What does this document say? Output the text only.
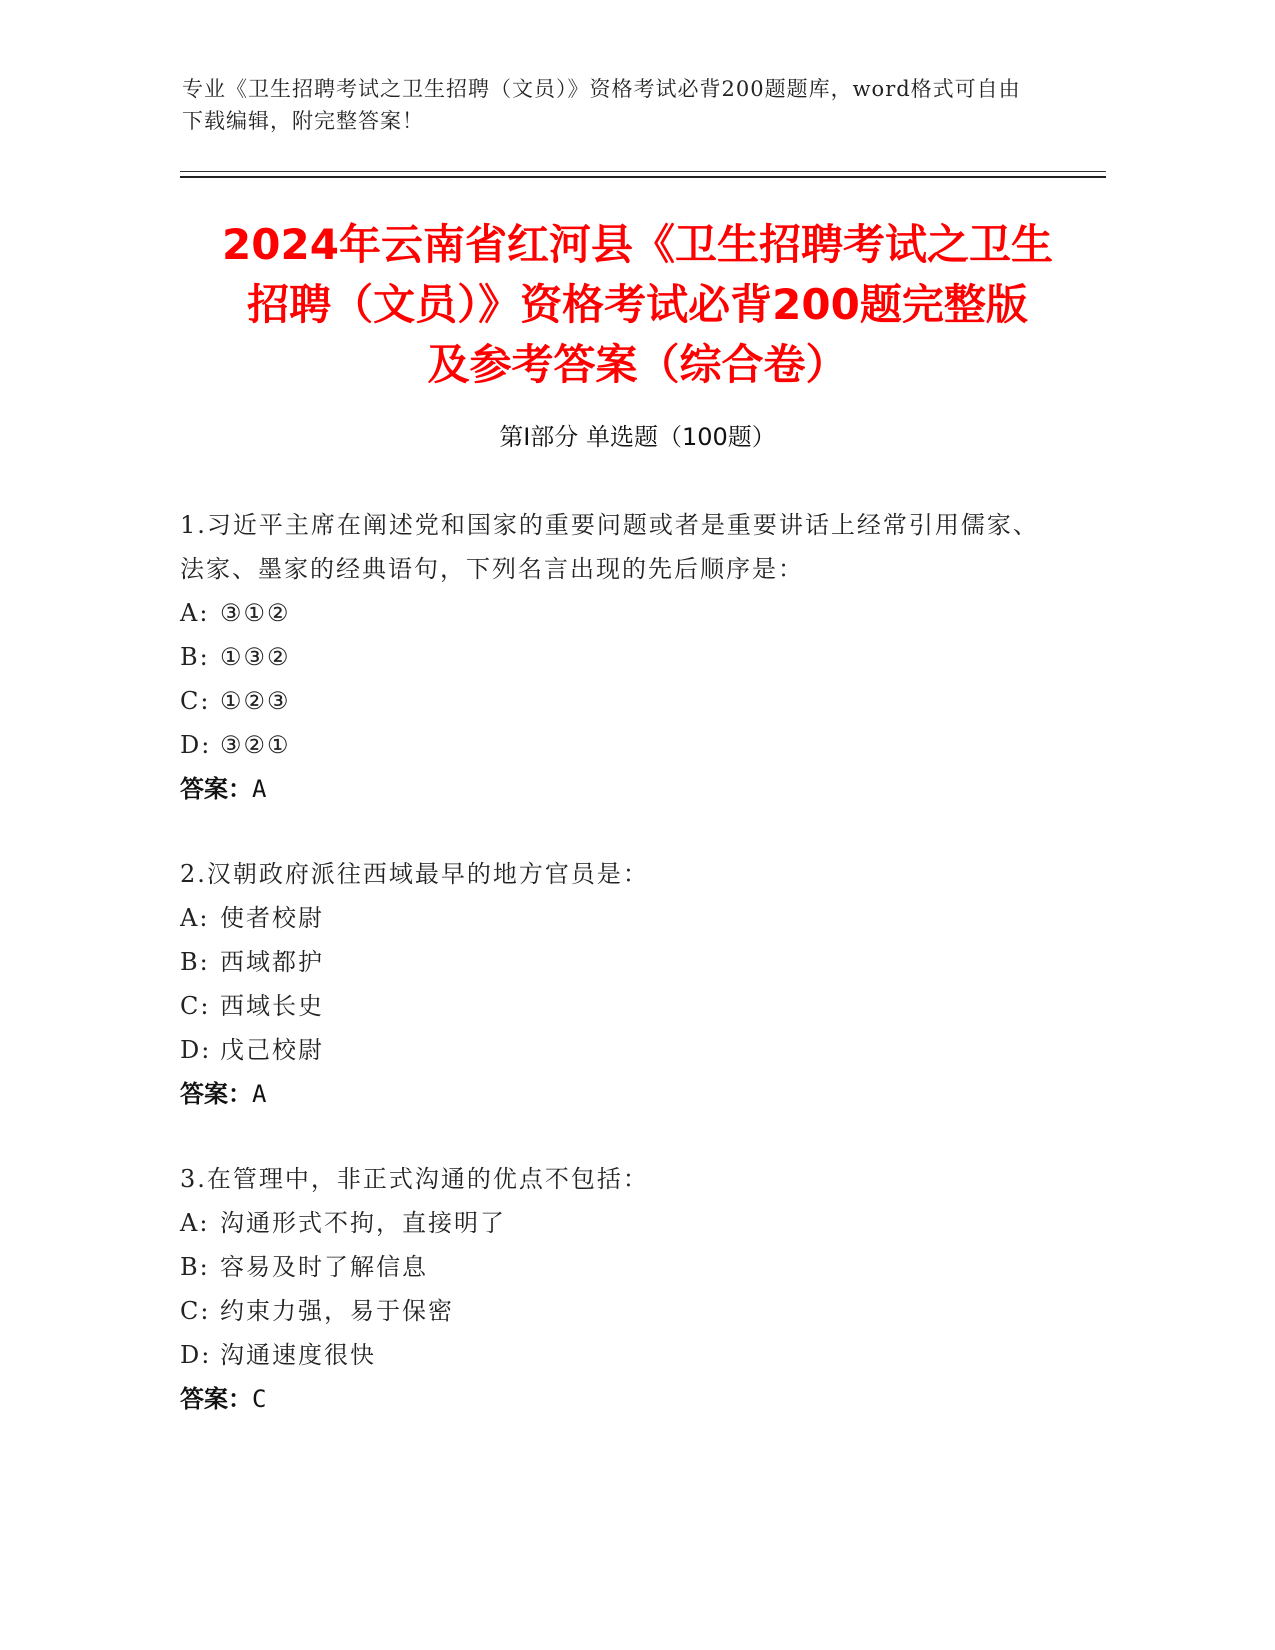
专业《卫生招聘考试之卫生招聘（文员）》资格考试必背200题题库，word格式可自由下载编辑，附完整答案！
2024年云南省红河县《卫生招聘考试之卫生
招聘（文员）》资格考试必背200题完整版
及参考答案（综合卷）
第I部分 单选题（100题）
1.习近平主席在阐述党和国家的重要问题或者是重要讲话上经常引用儒家、法家、墨家的经典语句，下列名言出现的先后顺序是：
A: ③①②
B: ①③②
C: ①②③
D: ③②①
答案：A
2.汉朝政府派往西域最早的地方官员是：
A: 使者校尉
B: 西域都护
C: 西域长史
D: 戊己校尉
答案：A
3.在管理中，非正式沟通的优点不包括：
A: 沟通形式不拘，直接明了
B: 容易及时了解信息
C: 约束力强，易于保密
D: 沟通速度很快
答案：C
